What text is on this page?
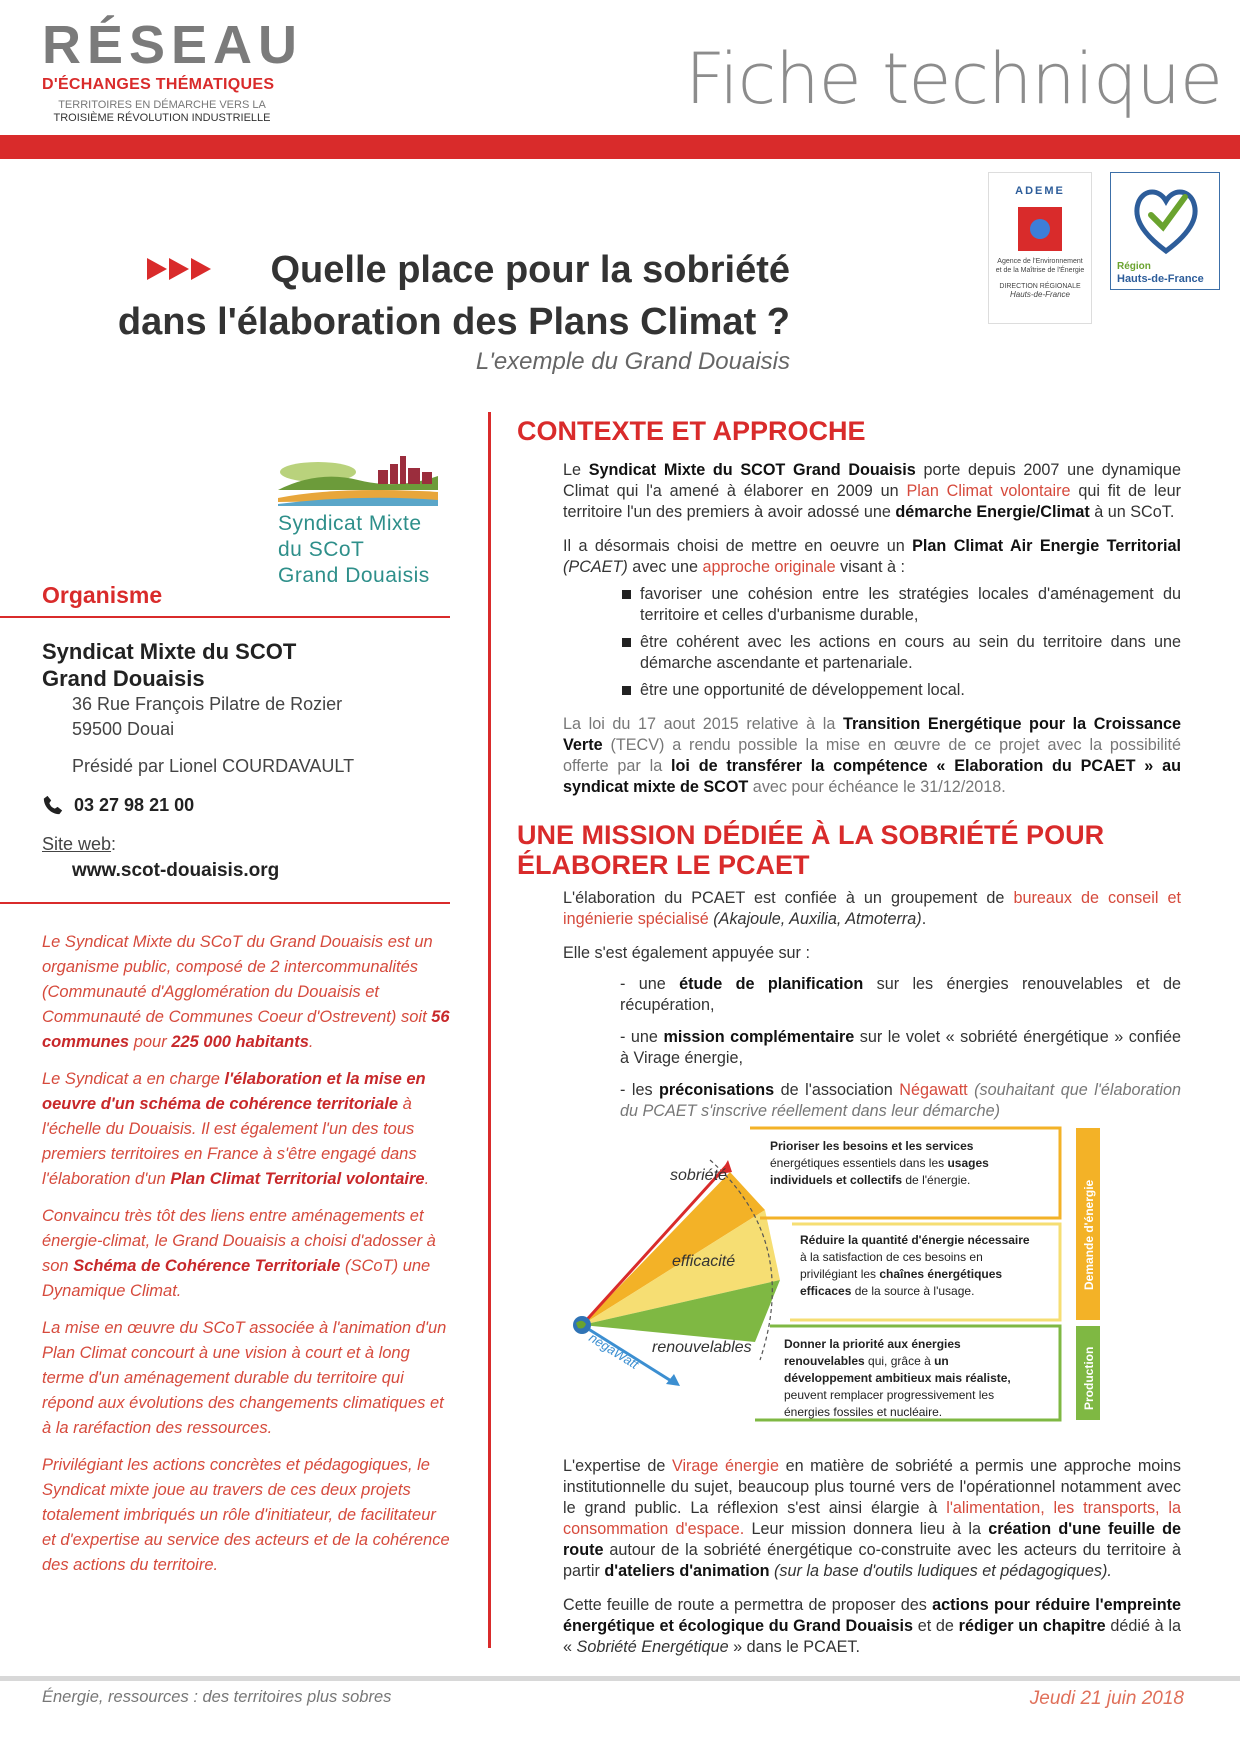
RÉSEAU
D'ÉCHANGES THÉMATIQUES
TERRITOIRES EN DÉMARCHE VERS LA
TROISIÈME RÉVOLUTION INDUSTRIELLE	Fiche technique
ADEME
Agence de l'Environnement et de la Maîtrise de l'Énergie
DIRECTION RÉGIONALE
Hauts-de-France
Région
Hauts-de-France
Quelle place pour la sobriété
dans l'élaboration des Plans Climat ?
L'exemple du Grand Douaisis
Syndicat Mixte
du SCoT
Grand Douaisis
Organisme
Syndicat Mixte du SCOT
Grand Douaisis
36 Rue François Pilatre de Rozier
59500 Douai
Présidé par Lionel COURDAVAULT
03 27 98 21 00
Site web:
www.scot-douaisis.org

Le Syndicat Mixte du SCoT du Grand Douaisis est un organisme public, composé de 2 intercommunalités (Communauté d'Agglomération du Douaisis et Communauté de Communes Coeur d'Ostrevent) soit 56 communes pour 225 000 habitants.

Le Syndicat a en charge l'élaboration et la mise en oeuvre d'un schéma de cohérence territoriale à l'échelle du Douaisis. Il est également l'un des tous premiers territoires en France à s'être engagé dans l'élaboration d'un Plan Climat Territorial volontaire.

Convaincu très tôt des liens entre aménagements et énergie-climat, le Grand Douaisis a choisi d'adosser à son Schéma de Cohérence Territoriale (SCoT) une Dynamique Climat.

La mise en œuvre du SCoT associée à l'animation d'un Plan Climat concourt à une vision à court et à long terme d'un aménagement durable du territoire qui répond aux évolutions des changements climatiques et à la raréfaction des ressources.

Privilégiant les actions concrètes et pédagogiques, le Syndicat mixte joue au travers de ces deux projets totalement imbriqués un rôle d'initiateur, de facilitateur et d'expertise au service des acteurs et de la cohérence des actions du territoire.

CONTEXTE ET APPROCHE
Le Syndicat Mixte du SCOT Grand Douaisis porte depuis 2007 une dynamique Climat qui l'a amené à élaborer en 2009 un Plan Climat volontaire qui fit de leur territoire l'un des premiers à avoir adossé une démarche Energie/Climat à un SCoT.
Il a désormais choisi de mettre en oeuvre un Plan Climat Air Energie Territorial (PCAET) avec une approche originale visant à :
favoriser une cohésion entre les stratégies locales d'aménagement du territoire et celles d'urbanisme durable,
être cohérent avec les actions en cours au sein du territoire dans une démarche ascendante et partenariale.
être une opportunité de développement local.
La loi du 17 aout 2015 relative à la Transition Energétique pour la Croissance Verte (TECV) a rendu possible la mise en œuvre de ce projet avec la possibilité offerte par la loi de transférer la compétence « Elaboration du PCAET » au syndicat mixte de SCOT avec pour échéance le 31/12/2018.
UNE MISSION DÉDIÉE À LA SOBRIÉTÉ POUR ÉLABORER LE PCAET
L'élaboration du PCAET est confiée à un groupement de bureaux de conseil et ingénierie spécialisé (Akajoule, Auxilia, Atmoterra).
Elle s'est également appuyée sur :
- une étude de planification sur les énergies renouvelables et de récupération,
- une mission complémentaire sur le volet « sobriété énergétique » confiée à Virage énergie,
- les préconisations de l'association Négawatt (souhaitant que l'élaboration du PCAET s'inscrive réellement dans leur démarche)
sobriété
efficacité
renouvelables
négaWatt
Prioriser les besoins et les services énergétiques essentiels dans les usages individuels et collectifs de l'énergie.
Réduire la quantité d'énergie nécessaire à la satisfaction de ces besoins en privilégiant les chaînes énergétiques efficaces de la source à l'usage.
Donner la priorité aux énergies renouvelables qui, grâce à un développement ambitieux mais réaliste, peuvent remplacer progressivement les énergies fossiles et nucléaire.
Demande d'énergie
Production
L'expertise de Virage énergie en matière de sobriété a permis une approche moins institutionnelle du sujet, beaucoup plus tourné vers de l'opérationnel notamment avec le grand public. La réflexion s'est ainsi élargie à l'alimentation, les transports, la consommation d'espace. Leur mission donnera lieu à la création d'une feuille de route autour de la sobriété énergétique co-construite avec les acteurs du territoire à partir d'ateliers d'animation (sur la base d'outils ludiques et pédagogiques).
Cette feuille de route a permettra de proposer des actions pour réduire l'empreinte énergétique et écologique du Grand Douaisis et de rédiger un chapitre dédié à la « Sobriété Energétique » dans le PCAET.
Énergie, ressources : des territoires plus sobres	Jeudi 21 juin 2018
